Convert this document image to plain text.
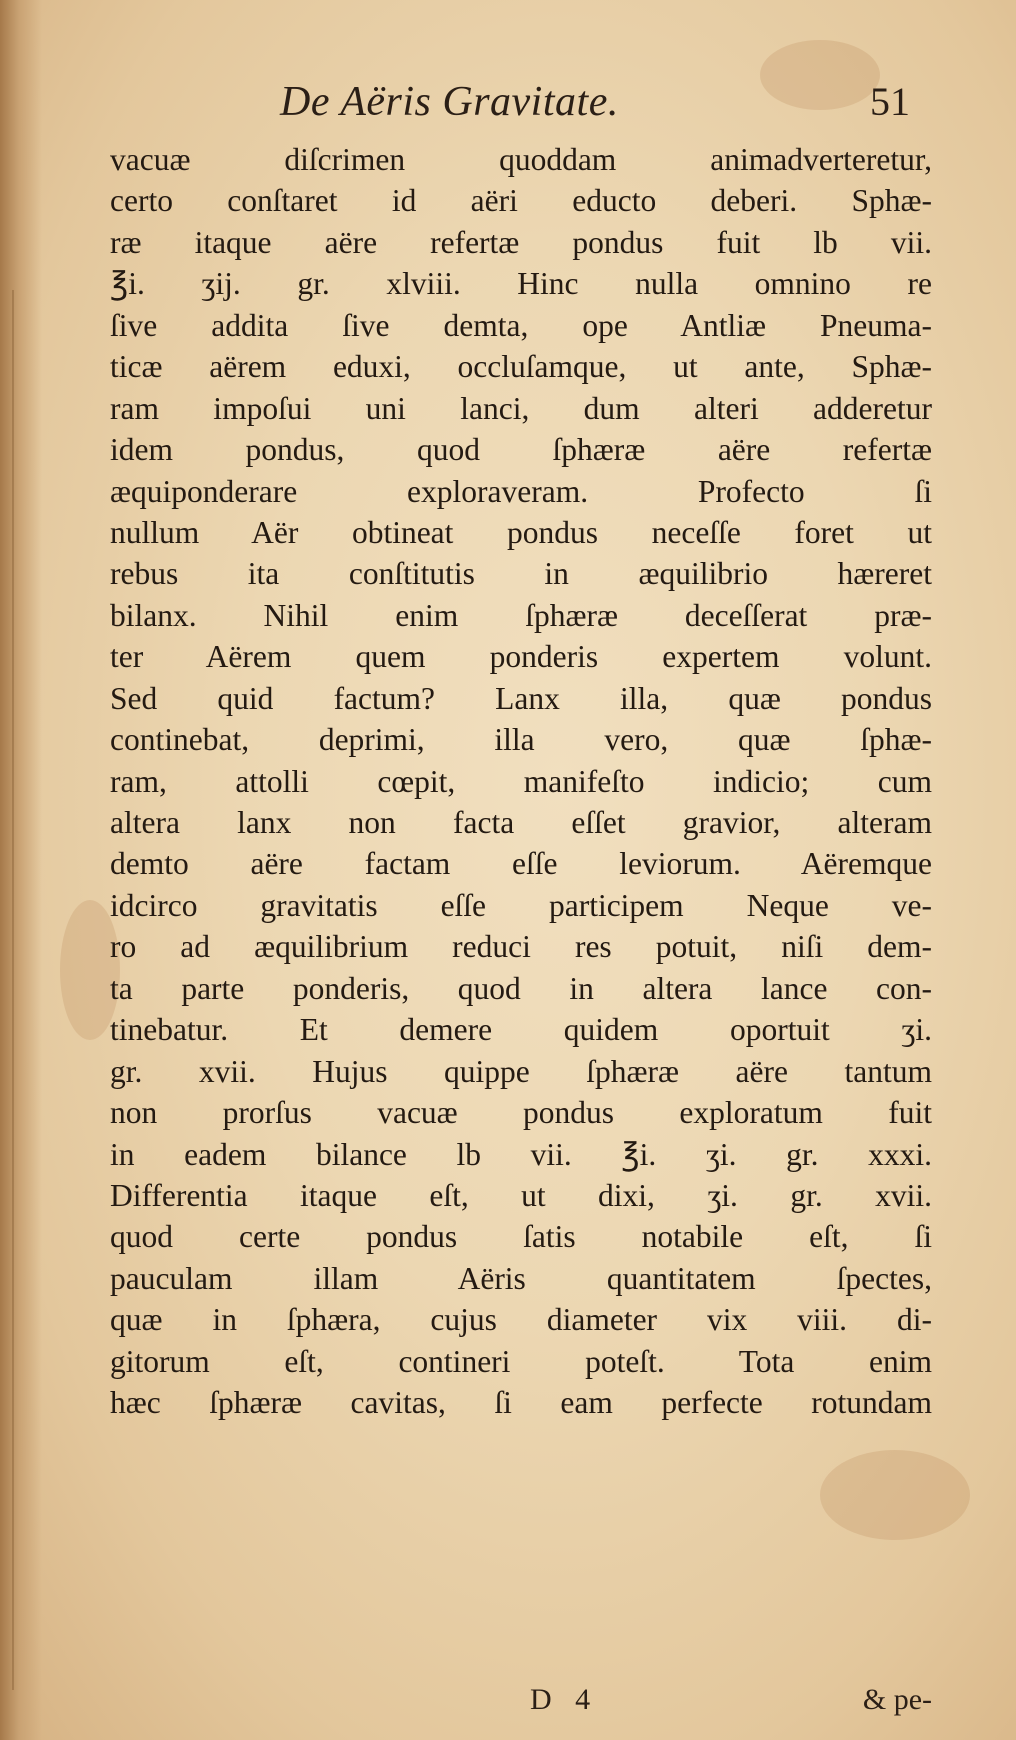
De Aëris Gravitate.	51
vacuæ diſcrimen quoddam animadverteretur,
certo conſtaret id aëri educto deberi. Sphæ-
ræ itaque aëre refertæ pondus fuit lb vii.
℥i. ʒij. gr. xlviii. Hinc nulla omnino re
ſive addita ſive demta, ope Antliæ Pneuma-
ticæ aërem eduxi, occluſamque, ut ante, Sphæ-
ram impoſui uni lanci, dum alteri adderetur
idem pondus, quod ſphæræ aëre refertæ
æquiponderare exploraveram. Profecto ſi
nullum Aër obtineat pondus neceſſe foret ut
rebus ita conſtitutis in æquilibrio hæreret
bilanx. Nihil enim ſphæræ deceſſerat præ-
ter Aërem quem ponderis expertem volunt.
Sed quid factum? Lanx illa, quæ pondus
continebat, deprimi, illa vero, quæ ſphæ-
ram, attolli cœpit, manifeſto indicio; cum
altera lanx non facta eſſet gravior, alteram
demto aëre factam eſſe leviorum. Aëremque
idcirco gravitatis eſſe participem Neque ve-
ro ad æquilibrium reduci res potuit, niſi dem-
ta parte ponderis, quod in altera lance con-
tinebatur. Et demere quidem oportuit ʒi.
gr. xvii. Hujus quippe ſphæræ aëre tantum
non prorſus vacuæ pondus exploratum fuit
in eadem bilance lb vii. ℥i. ʒi. gr. xxxi.
Differentia itaque eſt, ut dixi, ʒi. gr. xvii.
quod certe pondus ſatis notabile eſt, ſi
pauculam illam Aëris quantitatem ſpectes,
quæ in ſphæra, cujus diameter vix viii. di-
gitorum eſt, contineri poteſt. Tota enim
hæc ſphæræ cavitas, ſi eam perfecte rotundam
D 4	& pe-
